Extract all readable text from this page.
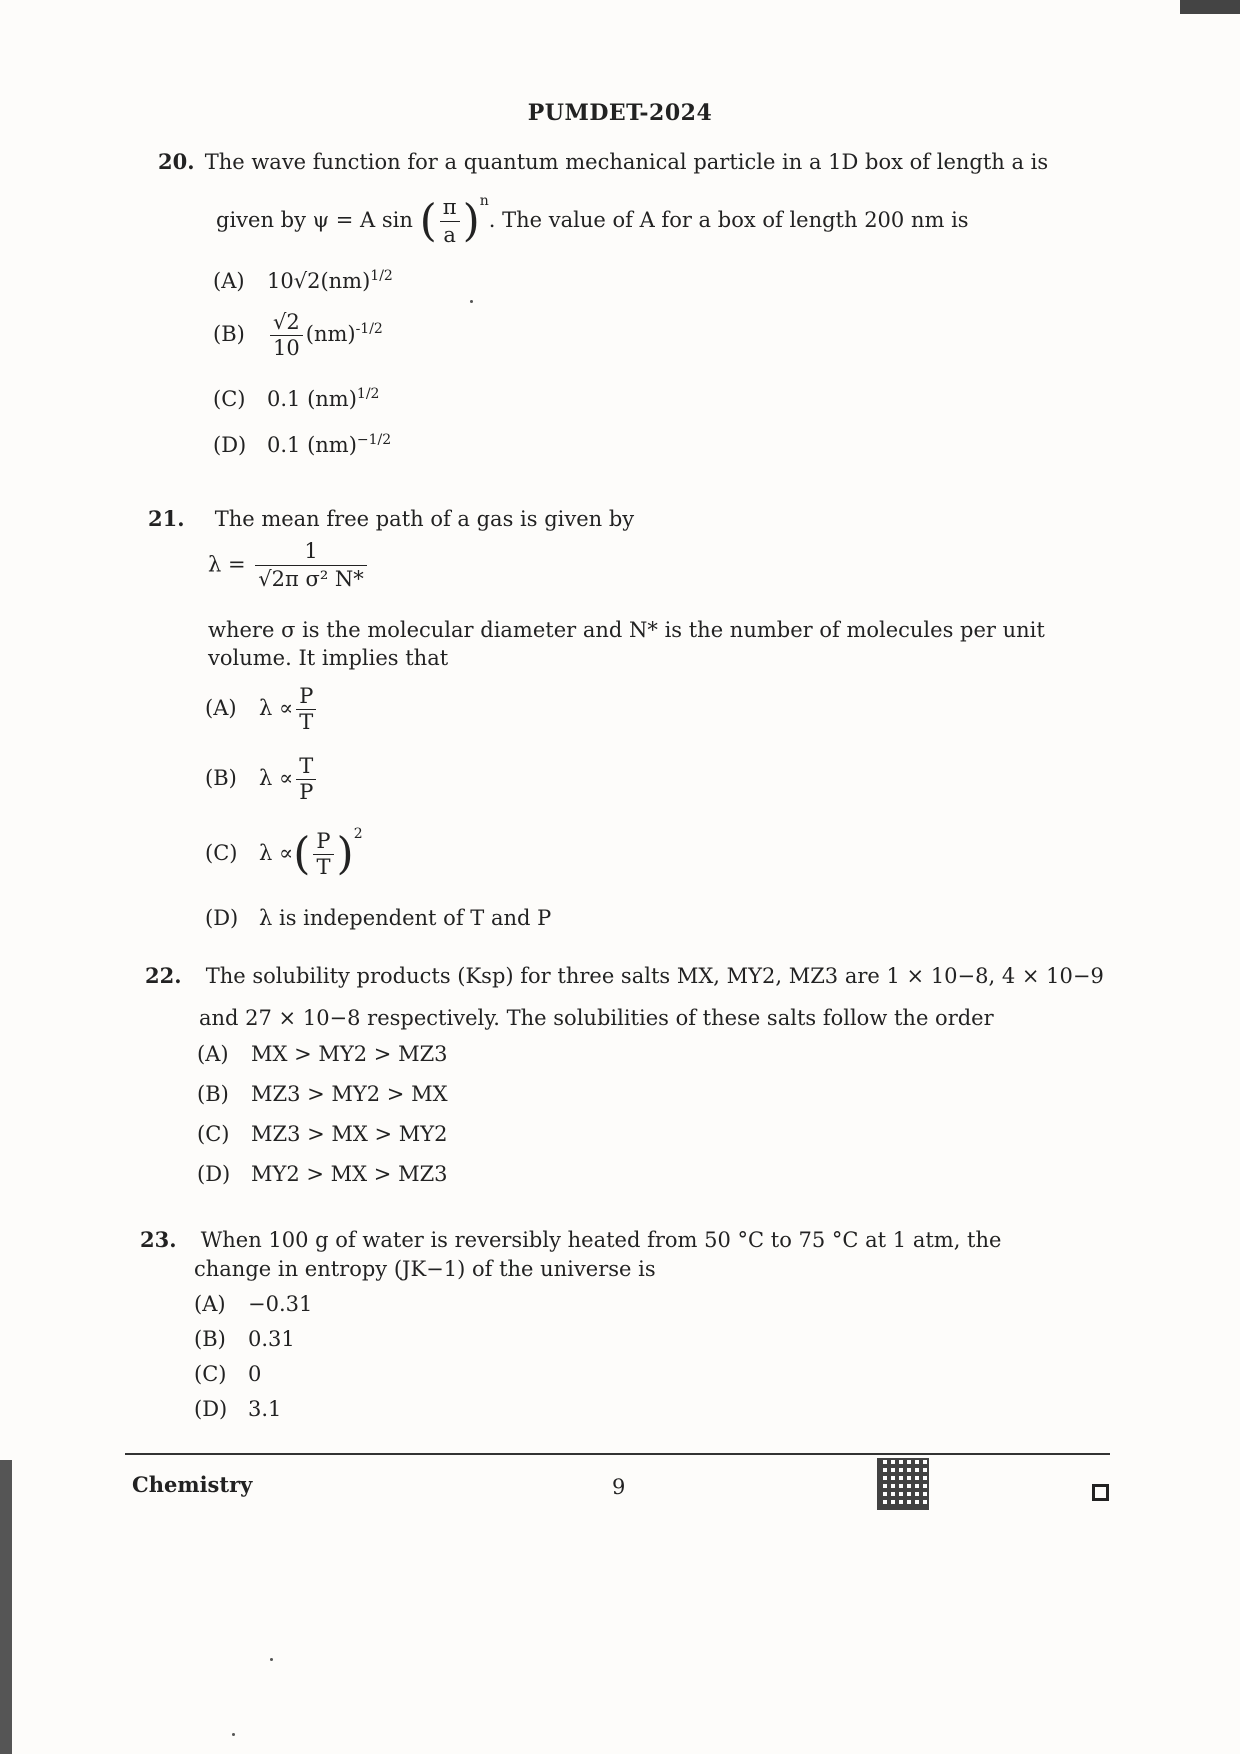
PUMDET-2024
20. The wave function for a quantum mechanical particle in a 1D box of length a is
given by ψ = A sin ( $\frac{\pi}{a} )^n$. The value of A for a box of length 200 nm is
(A) 10√2(nm)$^{1/2}$
$(B) \frac{√2}{10} (nm)^{-1/2}$
(C) 0.1 (nm)$^{1/2}$
(D) 0.1 (nm)$^{-1/2}$
21. The mean free path of a gas is given by
$\lambda = \frac{1}{\text{√2π σ² N*}}$
where σ is the molecular diameter and N* is the number of molecules per unit
volume. It implies that
(A) $\lambda \propto \frac{P}{T}$
(B) $\lambda \propto \frac{T}{P}$
(C) λ ∝( $\frac{P}{T} )^2$
(D) λ is independent of T and P
22. The solubility products (Ksp) for three salts MX, MY2, MZ3 are 1 × 10−8, 4 × 10−9
and 27 × 10−8 respectively. The solubilities of these salts follow the order
(A) MX > MY2 > MZ3
(B) MZ3 > MY2 > MX
(C) MZ3 > MX > MY2
(D) MY2 > MX > MZ3
23. When 100 g of water is reversibly heated from 50 °C to 75 °C at 1 atm, the
change in entropy (JK−1) of the universe is
(A) −0.31
(B) 0.31
(C) 0
(D) 3.1
Chemistry	9
